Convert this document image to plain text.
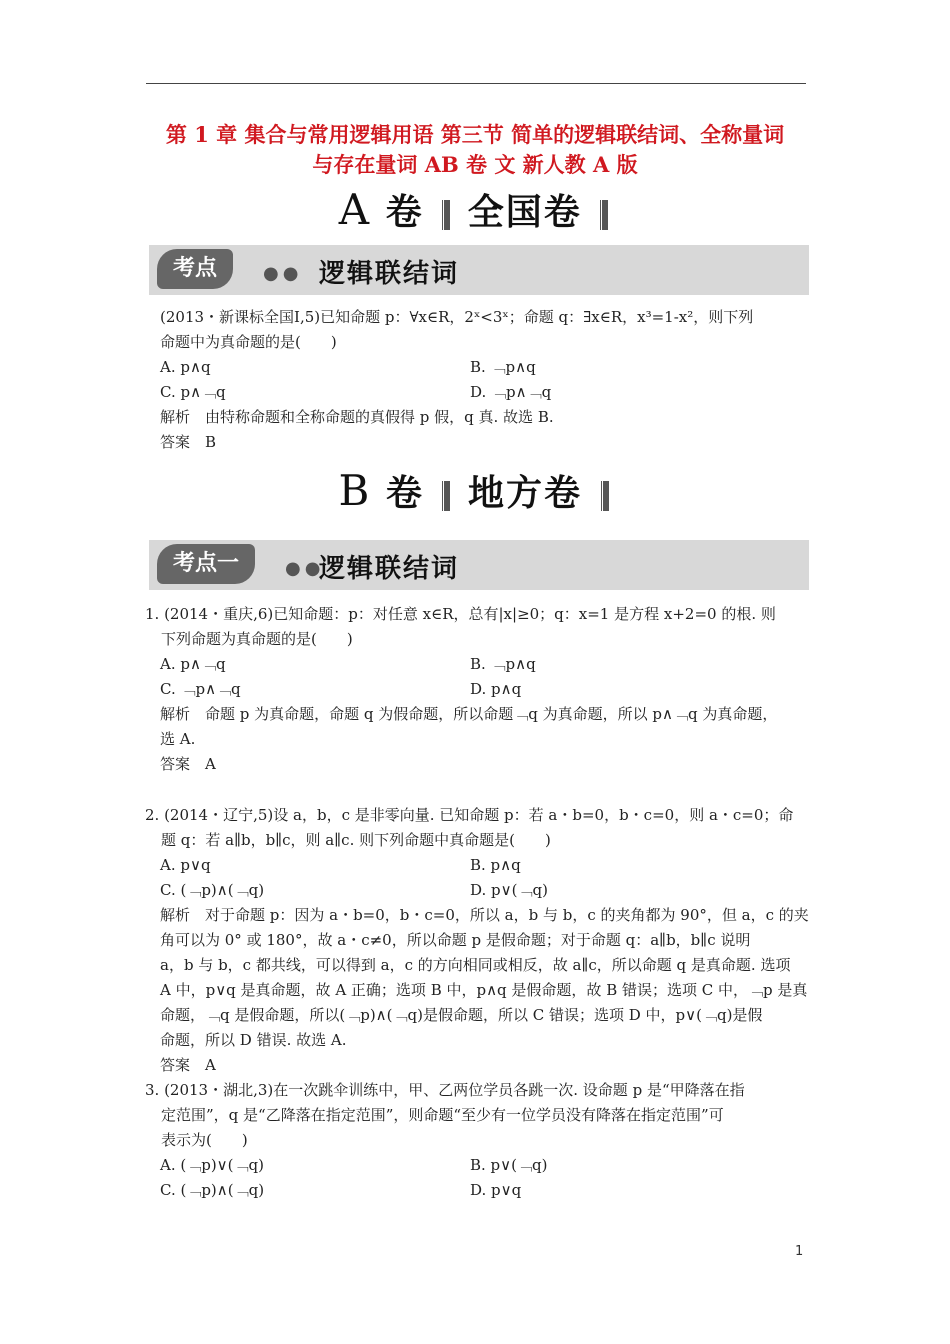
第 1 章 集合与常用逻辑用语 第三节 简单的逻辑联结词、全称量词
与存在量词 AB 卷 文 新人教 A 版
A 卷 全国卷
考点	●● 逻辑联结词
(2013・新课标全国Ⅰ,5)已知命题 p：∀x∈R，2ˣ<3ˣ；命题 q：∃x∈R，x³=1-x²，则下列
命题中为真命题的是(　　)
A. p∧q	B. ﹁p∧q
C. p∧﹁q	D. ﹁p∧﹁q
解析　由特称命题和全称命题的真假得 p 假，q 真. 故选 B.
答案　B
B 卷 地方卷
考点一	●●
逻辑联结词
1. (2014・重庆,6)已知命题：p：对任意 x∈R，总有|x|≥0；q：x=1 是方程 x+2=0 的根. 则
下列命题为真命题的是(　　)
A. p∧﹁q	B. ﹁p∧q
C. ﹁p∧﹁q	D. p∧q
解析　命题 p 为真命题，命题 q 为假命题，所以命题﹁q 为真命题，所以 p∧﹁q 为真命题，
选 A.
答案　A
2. (2014・辽宁,5)设 a，b，c 是非零向量. 已知命题 p：若 a・b=0，b・c=0，则 a・c=0；命
题 q：若 a∥b，b∥c，则 a∥c. 则下列命题中真命题是(　　)
A. p∨q	B. p∧q
C. (﹁p)∧(﹁q)	D. p∨(﹁q)
解析　对于命题 p：因为 a・b=0，b・c=0，所以 a，b 与 b，c 的夹角都为 90°，但 a，c 的夹
角可以为 0° 或 180°，故 a・c≠0，所以命题 p 是假命题；对于命题 q：a∥b，b∥c 说明
a，b 与 b，c 都共线，可以得到 a，c 的方向相同或相反，故 a∥c，所以命题 q 是真命题. 选项
A 中，p∨q 是真命题，故 A 正确；选项 B 中，p∧q 是假命题，故 B 错误；选项 C 中，﹁p 是真
命题，﹁q 是假命题，所以(﹁p)∧(﹁q)是假命题，所以 C 错误；选项 D 中，p∨(﹁q)是假
命题，所以 D 错误. 故选 A.
答案　A
3. (2013・湖北,3)在一次跳伞训练中，甲、乙两位学员各跳一次. 设命题 p 是“甲降落在指
定范围”，q 是“乙降落在指定范围”，则命题“至少有一位学员没有降落在指定范围”可
表示为(　　)
A. (﹁p)∨(﹁q)	B. p∨(﹁q)
C. (﹁p)∧(﹁q)	D. p∨q
1
